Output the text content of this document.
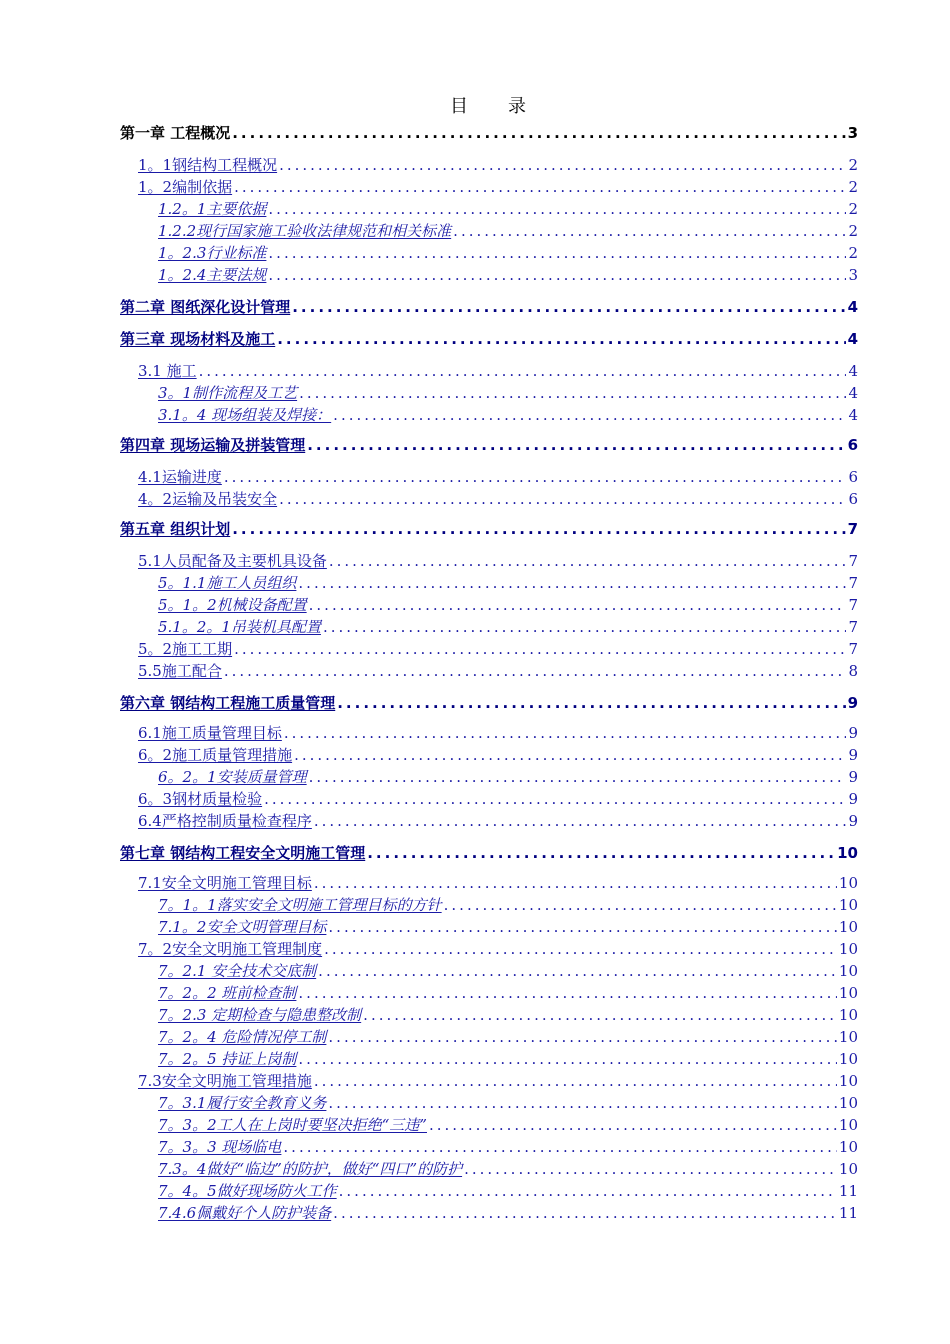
目 录
第一章 工程概况 .....	3
1。1钢结构工程概况 .....	2
1。2编制依据 .....	2
1.2。1主要依据 .....	2
1.2.2现行国家施工验收法律规范和相关标准 .....	2
1。2.3行业标准 .....	2
1。2.4主要法规 .....	3
第二章 图纸深化设计管理 .....	4
第三章 现场材料及施工 .....	4
3.1 施工 .....	4
3。1制作流程及工艺 .....	4
3.1。4 现场组装及焊接： .....	4
第四章 现场运输及拼装管理 .....	6
4.1运输进度 .....	6
4。2运输及吊装安全 .....	6
第五章 组织计划 .....	7
5.1人员配备及主要机具设备 .....	7
5。1.1施工人员组织 .....	7
5。1。2机械设备配置 .....	7
5.1。2。1吊装机具配置 .....	7
5。2施工工期 .....	7
5.5施工配合 .....	8
第六章 钢结构工程施工质量管理 .....	9
6.1施工质量管理目标 .....	9
6。2施工质量管理措施 .....	9
6。2。1安装质量管理 .....	9
6。3钢材质量检验 .....	9
6.4严格控制质量检查程序 .....	9
第七章 钢结构工程安全文明施工管理 .....	10
7.1安全文明施工管理目标 .....	10
7。1。1落实安全文明施工管理目标的方针 .....	10
7.1。2安全文明管理目标 .....	10
7。2安全文明施工管理制度 .....	10
7。2.1 安全技术交底制 .....	10
7。2。2 班前检查制 .....	10
7。2.3 定期检查与隐患整改制 .....	10
7。2。4 危险情况停工制 .....	10
7。2。5 持证上岗制 .....	10
7.3安全文明施工管理措施 .....	10
7。3.1履行安全教育义务 .....	10
7。3。2工人在上岗时要坚决拒绝“三违” .....	10
7。3。3 现场临电 .....	10
7.3。4做好“临边”的防护，做好“四口”的防护 .....	10
7。4。5做好现场防火工作 .....	11
7.4.6佩戴好个人防护装备 .....	11
